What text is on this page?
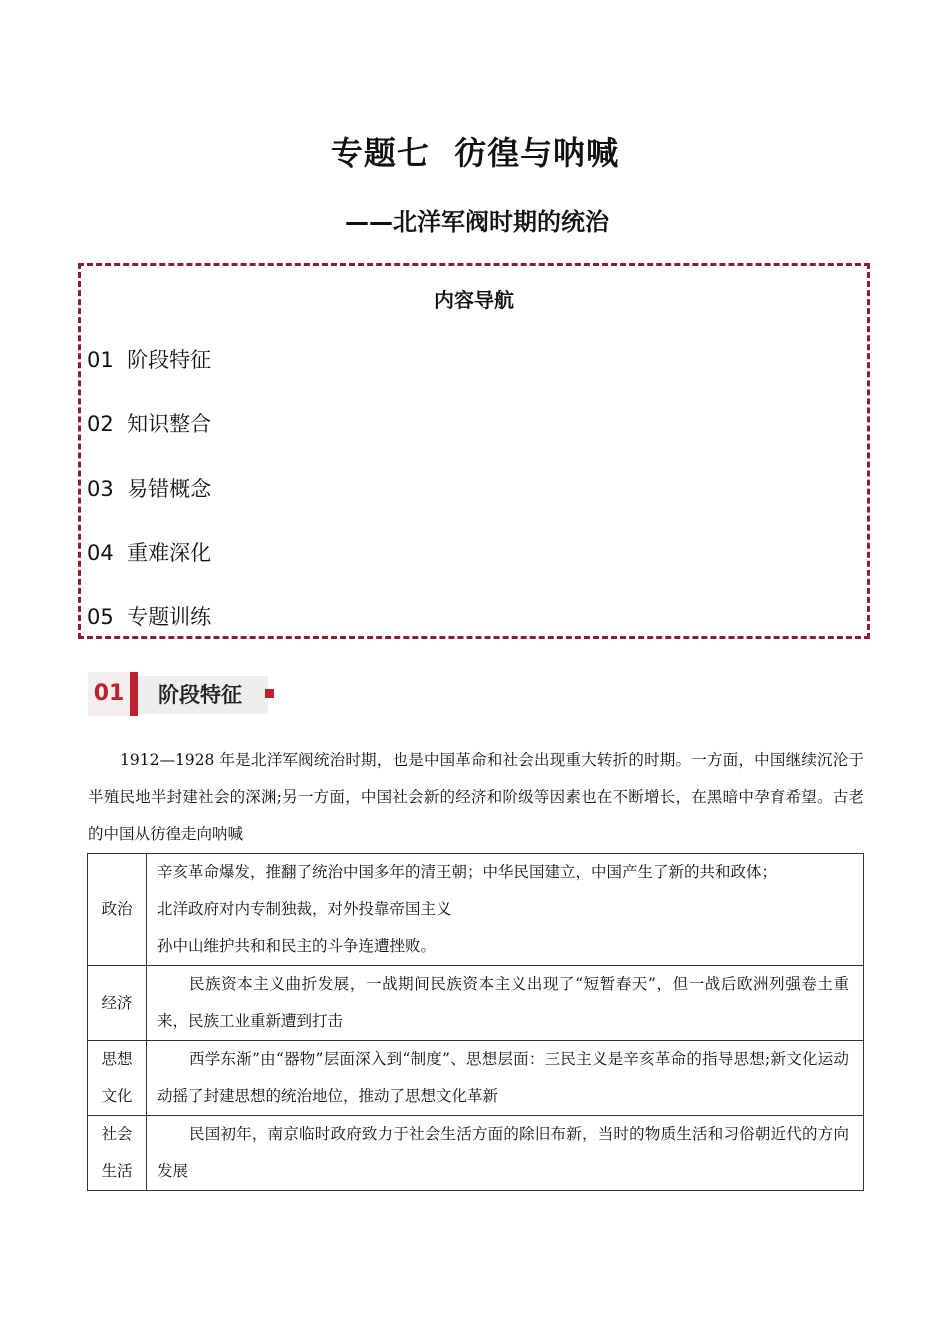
专题七  彷徨与呐喊
——北洋军阀时期的统治
内容导航
01  阶段特征
02  知识整合
03  易错概念
04  重难深化
05  专题训练
01 阶段特征
1912—1928 年是北洋军阀统治时期，也是中国革命和社会出现重大转折的时期。一方面，中国继续沉沦于半殖民地半封建社会的深渊;另一方面，中国社会新的经济和阶级等因素也在不断增长，在黑暗中孕育希望。古老的中国从彷徨走向呐喊
政治	辛亥革命爆发，推翻了统治中国多年的清王朝；中华民国建立，中国产生了新的共和政体；
北洋政府对内专制独裁，对外投靠帝国主义
孙中山维护共和和民主的斗争连遭挫败。

经济	民族资本主义曲折发展，一战期间民族资本主义出现了“短暂春天”，但一战后欧洲列强卷土重来，民族工业重新遭到打击
思想文化	西学东渐”由“器物”层面深入到“制度”、思想层面：三民主义是辛亥革命的指导思想;新文化运动动摇了封建思想的统治地位，推动了思想文化革新
社会生活	民国初年，南京临时政府致力于社会生活方面的除旧布新，当时的物质生活和习俗朝近代的方向发展
